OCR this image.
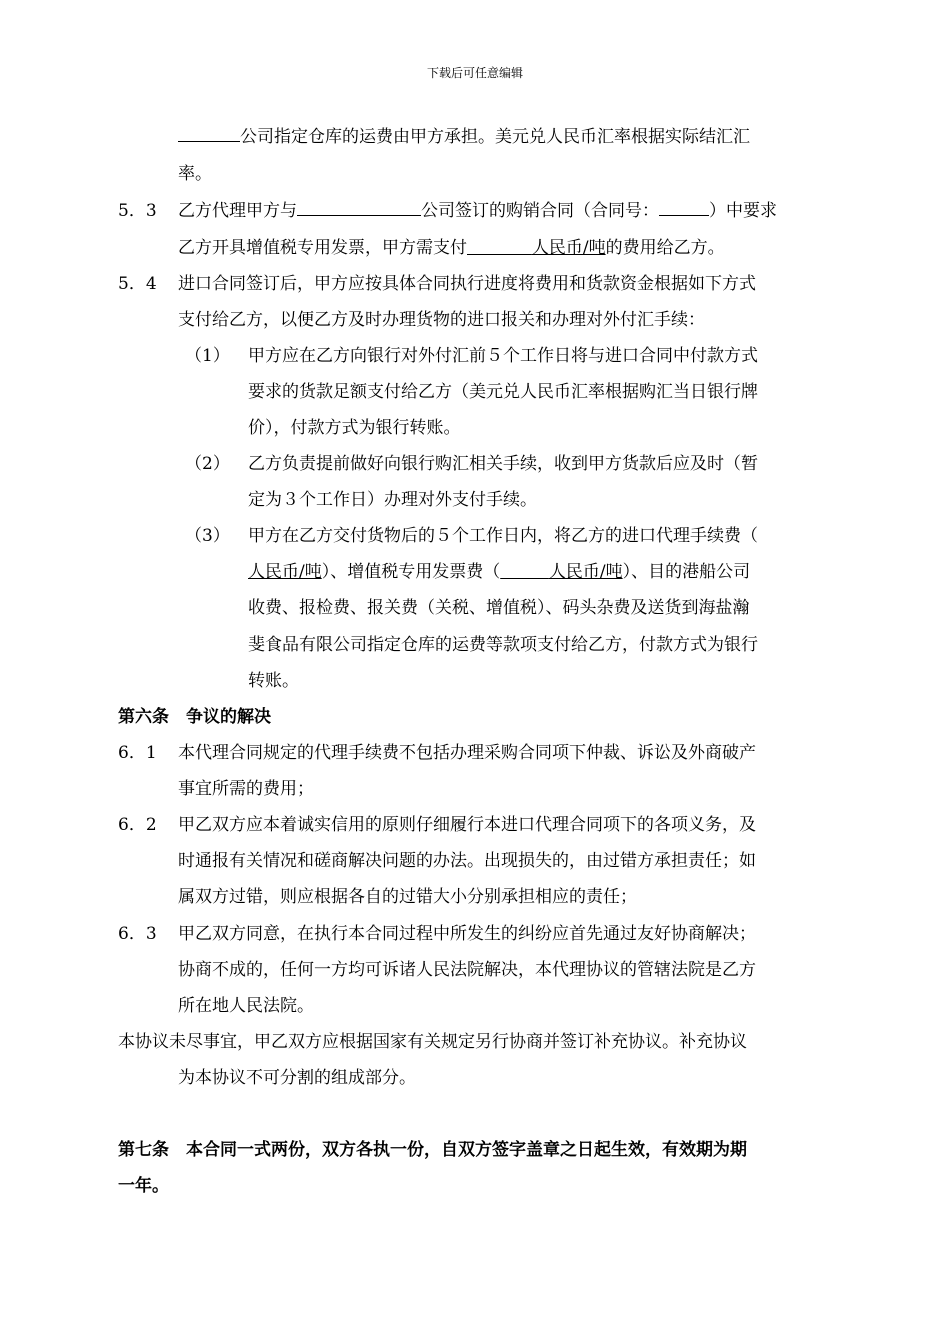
下载后可任意编辑
公司指定仓库的运费由甲方承担。美元兑人民币汇率根据实际结汇汇
率。
5．3 乙方代理甲方与	公司签订的购销合同（合同号：	）中要求
乙方开具增值税专用发票，甲方需支付	人民币/吨的费用给乙方。
5．4 进口合同签订后，甲方应按具体合同执行进度将费用和货款资金根据如下方式
支付给乙方，以便乙方及时办理货物的进口报关和办理对外付汇手续：
（1） 甲方应在乙方向银行对外付汇前５个工作日将与进口合同中付款方式
要求的货款足额支付给乙方（美元兑人民币汇率根据购汇当日银行牌
价），付款方式为银行转账。
（2） 乙方负责提前做好向银行购汇相关手续，收到甲方货款后应及时（暂
定为３个工作日）办理对外支付手续。
（3） 甲方在乙方交付货物后的５个工作日内，将乙方的进口代理手续费（
人民币/吨）、增值税专用发票费（	人民币/吨）、目的港船公司
收费、报检费、报关费（关税、增值税）、码头杂费及送货到海盐瀚
斐食品有限公司指定仓库的运费等款项支付给乙方，付款方式为银行
转账。
第六条　争议的解决
6．1 本代理合同规定的代理手续费不包括办理采购合同项下仲裁、诉讼及外商破产
事宜所需的费用；
6．2 甲乙双方应本着诚实信用的原则仔细履行本进口代理合同项下的各项义务，及
时通报有关情况和磋商解决问题的办法。出现损失的，由过错方承担责任；如
属双方过错，则应根据各自的过错大小分别承担相应的责任；
6．3 甲乙双方同意，在执行本合同过程中所发生的纠纷应首先通过友好协商解决；
协商不成的，任何一方均可诉诸人民法院解决，本代理协议的管辖法院是乙方
所在地人民法院。
本协议未尽事宜，甲乙双方应根据国家有关规定另行协商并签订补充协议。补充协议
为本协议不可分割的组成部分。
第七条　本合同一式两份，双方各执一份，自双方签字盖章之日起生效，有效期为期
一年。
